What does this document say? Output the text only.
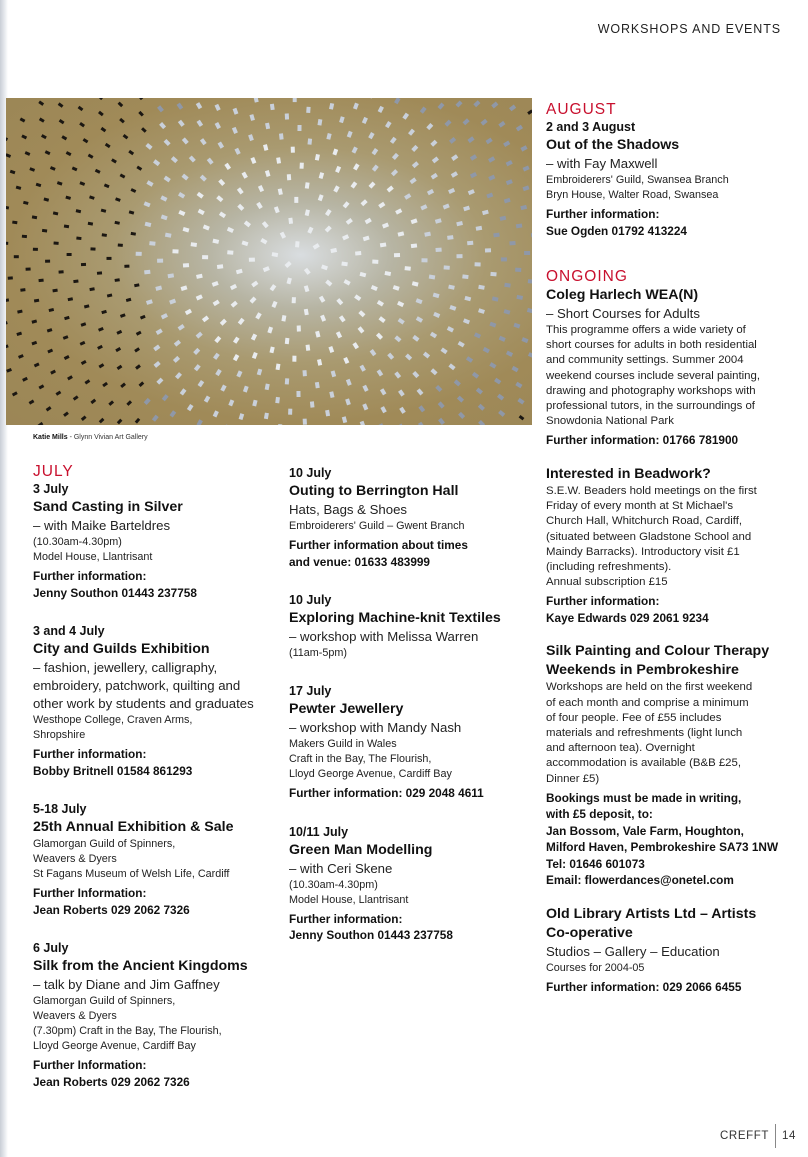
WORKSHOPS AND EVENTS
Katie Mills - Glynn Vivian Art Gallery
JULY
3 July
Sand Casting in Silver
– with Maike Barteldres
(10.30am-4.30pm)
Model House, Llantrisant
Further information:
Jenny Southon 01443 237758
3 and 4 July
City and Guilds Exhibition
– fashion, jewellery, calligraphy,
embroidery, patchwork, quilting and
other work by students and graduates
Westhope College, Craven Arms,
Shropshire
Further information:
Bobby Britnell 01584 861293
5-18 July
25th Annual Exhibition & Sale
Glamorgan Guild of Spinners,
Weavers & Dyers
St Fagans Museum of Welsh Life, Cardiff
Further Information:
Jean Roberts 029 2062 7326
6 July
Silk from the Ancient Kingdoms
– talk by Diane and Jim Gaffney
Glamorgan Guild of Spinners,
Weavers & Dyers
(7.30pm) Craft in the Bay, The Flourish,
Lloyd George Avenue, Cardiff Bay
Further Information:
Jean Roberts 029 2062 7326
10 July
Outing to Berrington Hall
Hats, Bags & Shoes
Embroiderers' Guild – Gwent Branch
Further information about times
and venue: 01633 483999
10 July
Exploring Machine-knit Textiles
– workshop with Melissa Warren
(11am-5pm)
17 July
Pewter Jewellery
– workshop with Mandy Nash
Makers Guild in Wales
Craft in the Bay, The Flourish,
Lloyd George Avenue, Cardiff Bay
Further information: 029 2048 4611
10/11 July
Green Man Modelling
– with Ceri Skene
(10.30am-4.30pm)
Model House, Llantrisant
Further information:
Jenny Southon 01443 237758
AUGUST
2 and 3 August
Out of the Shadows
– with Fay Maxwell
Embroiderers' Guild, Swansea Branch
Bryn House, Walter Road, Swansea
Further information:
Sue Ogden 01792 413224
ONGOING
Coleg Harlech WEA(N)
– Short Courses for Adults
This programme offers a wide variety of
short courses for adults in both residential
and community settings. Summer 2004
weekend courses include several painting,
drawing and photography workshops with
professional tutors, in the surroundings of
Snowdonia National Park
Further information: 01766 781900
Interested in Beadwork?
S.E.W. Beaders hold meetings on the first
Friday of every month at St Michael's
Church Hall, Whitchurch Road, Cardiff,
(situated between Gladstone School and
Maindy Barracks). Introductory visit £1
(including refreshments).
Annual subscription £15
Further information:
Kaye Edwards 029 2061 9234
Silk Painting and Colour Therapy
Weekends in Pembrokeshire
Workshops are held on the first weekend
of each month and comprise a minimum
of four people. Fee of £55 includes
materials and refreshments (light lunch
and afternoon tea). Overnight
accommodation is available (B&B £25,
Dinner £5)
Bookings must be made in writing,
with £5 deposit, to:
Jan Bossom, Vale Farm, Houghton,
Milford Haven, Pembrokeshire SA73 1NW
Tel: 01646 601073
Email: flowerdances@onetel.com
Old Library Artists Ltd – Artists
Co-operative
Studios – Gallery – Education
Courses for 2004-05
Further information: 029 2066 6455
CREFFT 14
